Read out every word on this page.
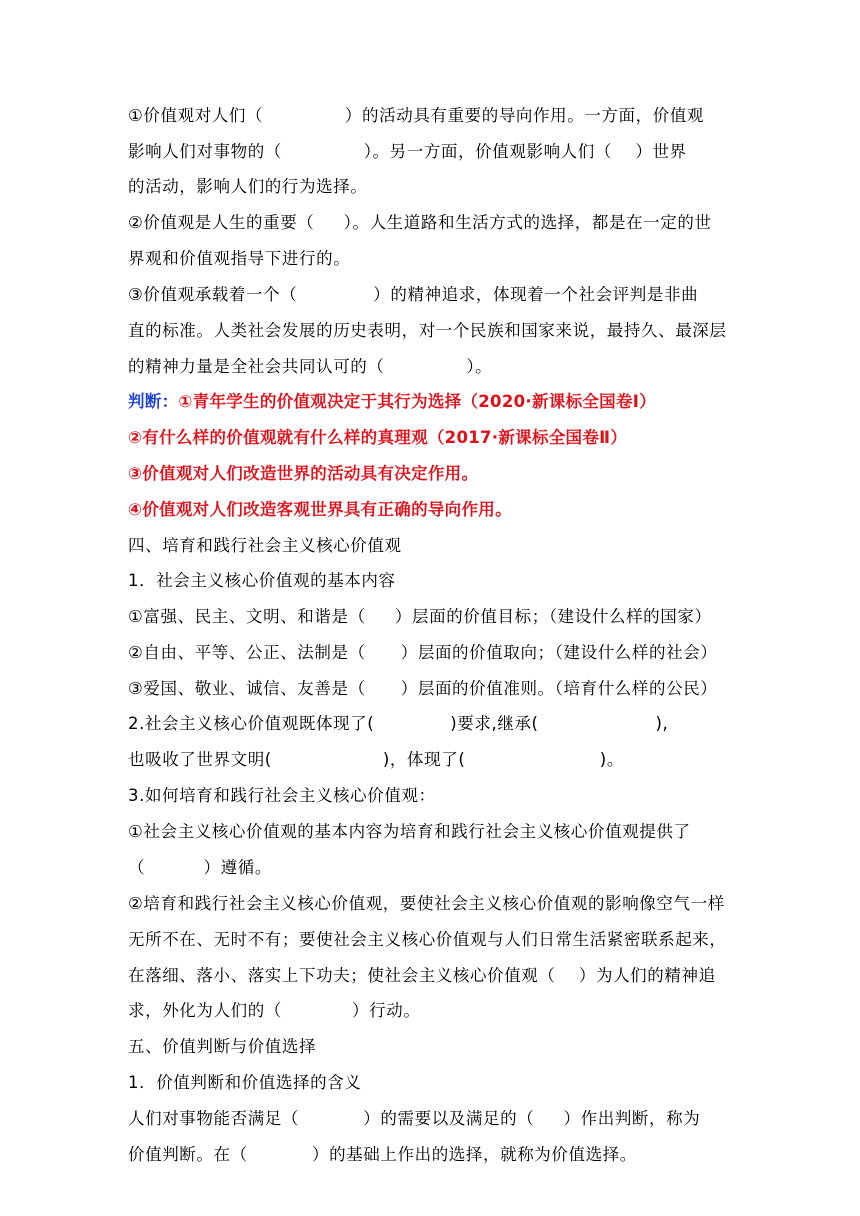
①价值观对人们（              ）的活动具有重要的导向作用。一方面，价值观
影响人们对事物的（              ）。另一方面，价值观影响人们（    ）世界
的活动，影响人们的行为选择。
②价值观是人生的重要（     ）。人生道路和生活方式的选择，都是在一定的世
界观和价值观指导下进行的。
③价值观承载着一个（             ）的精神追求，体现着一个社会评判是非曲
直的标准。人类社会发展的历史表明，对一个民族和国家来说，最持久、最深层
的精神力量是全社会共同认可的（              ）。
判断：①青年学生的价值观决定于其行为选择（2020·新课标全国卷Ⅰ）
②有什么样的价值观就有什么样的真理观（2017·新课标全国卷Ⅱ）
③价值观对人们改造世界的活动具有决定作用。
④价值观对人们改造客观世界具有正确的导向作用。
四、培育和践行社会主义核心价值观
1．社会主义核心价值观的基本内容
①富强、民主、文明、和谐是（     ）层面的价值目标；（建设什么样的国家）
②自由、平等、公正、法制是（      ）层面的价值取向；（建设什么样的社会）
③爱国、敬业、诚信、友善是（      ）层面的价值准则。（培育什么样的公民）
2.社会主义核心价值观既体现了(             )要求,继承(                    ),
也吸收了世界文明(                   )，体现了(                       )。
3.如何培育和践行社会主义核心价值观：
①社会主义核心价值观的基本内容为培育和践行社会主义核心价值观提供了
（          ）遵循。
②培育和践行社会主义核心价值观，要使社会主义核心价值观的影响像空气一样
无所不在、无时不有；要使社会主义核心价值观与人们日常生活紧密联系起来，
在落细、落小、落实上下功夫；使社会主义核心价值观（    ）为人们的精神追
求，外化为人们的（            ）行动。
五、价值判断与价值选择
1．价值判断和价值选择的含义
人们对事物能否满足（           ）的需要以及满足的（     ）作出判断，称为
价值判断。在（           ）的基础上作出的选择，就称为价值选择。
